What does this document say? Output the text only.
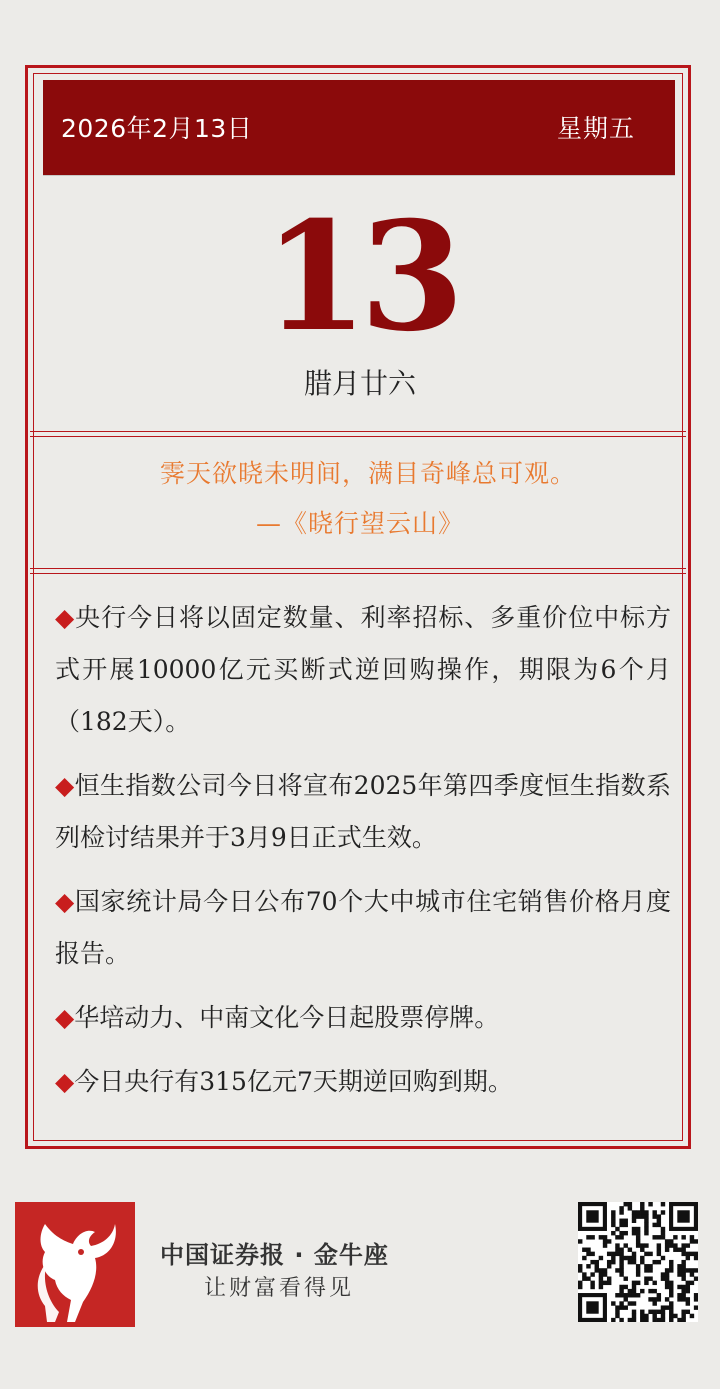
2026年2月13日	星期五
13
腊月廿六
霁天欲晓未明间，满目奇峰总可观。
—《晓行望云山》
◆央行今日将以固定数量、利率招标、多重价位中标方式开展10000亿元买断式逆回购操作，期限为6个月（182天）。
◆恒生指数公司今日将宣布2025年第四季度恒生指数系列检讨结果并于3月9日正式生效。
◆国家统计局今日公布70个大中城市住宅销售价格月度报告。
◆华培动力、中南文化今日起股票停牌。
◆今日央行有315亿元7天期逆回购到期。
中国证券报 · 金牛座
让财富看得见
